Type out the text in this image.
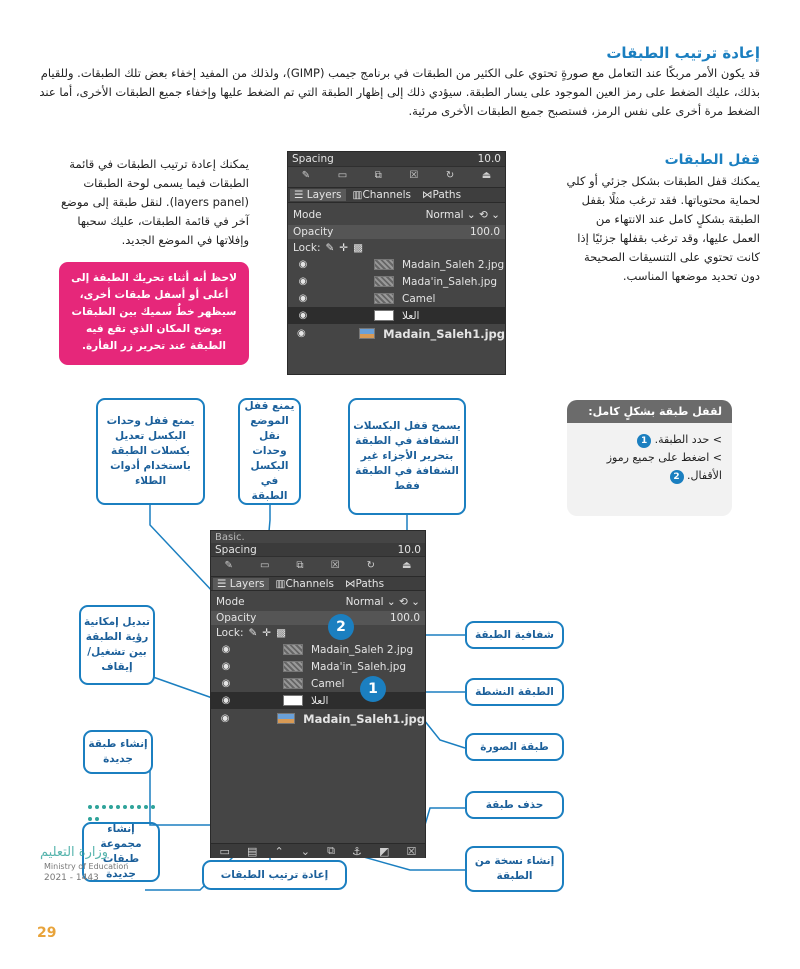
إعادة ترتيب الطبقات
قد يكون الأمر مربكًا عند التعامل مع صورةٍ تحتوي على الكثير من الطبقات في برنامج جيمب (GIMP)، ولذلك من المفيد إخفاء بعض تلك الطبقات. وللقيام بذلك، عليك الضغط على رمز العين الموجود على يسار الطبقة. سيؤدي ذلك إلى إظهار الطبقة التي تم الضغط عليها وإخفاء جميع الطبقات الأخرى، أما عند الضغط مرة أخرى على نفس الرمز، فستصبح جميع الطبقات الأخرى مرئية.
قفل الطبقات
يمكنك قفل الطبقات بشكل جزئي أو كلي لحماية محتوياتها. فقد ترغب مثلًا بقفل الطبقة بشكلٍ كامل عند الانتهاء من العمل عليها، وقد ترغب بقفلها جزئيًا إذا كانت تحتوي على التنسيقات الصحيحة دون تحديد موضعها المناسب.
يمكنك إعادة ترتيب الطبقات في قائمة الطبقات فيما يسمى لوحة الطبقات (layers panel). لنقل طبقة إلى موضع آخر في قائمة الطبقات، عليك سحبها وإفلاتها في الموضع الجديد.
لاحظ أنه أثناء تحريك الطبقة إلى أعلى أو أسفل طبقات أخرى، سيظهر خطٌ سميك بين الطبقات يوضح المكان الذي تقع فيه الطبقة عند تحرير زر الفأرة.
Spacing	10.0
✎	▭	⧉	☒	↻	⏏
☰ Layers	▥Channels	⋈Paths
Mode	Normal ⌄ ⟲ ⌄
Opacity	100.0
Lock: ✎ ✛ ▩
◉	Madain_Saleh 2.jpg
◉	Mada'in_Saleh.jpg
◉	Camel
◉	العلا
◉	Madain_Saleh1.jpg
لقفل طبقة بشكلٍ كامل:
> حدد الطبقة. 1
> اضغط على جميع رموز الأقفال. 2
يمنع قفل وحدات البكسل تعديل بكسلات الطبقة باستخدام أدوات الطلاء
يمنع قفل الموضع نقل وحدات البكسل في الطبقة
يسمح قفل البكسلات الشفافة في الطبقة بتحرير الأجزاء غير الشفافة في الطبقة فقط
تبديل إمكانية رؤية الطبقة بين تشغيل/ إيقاف
شفافية الطبقة
الطبقة النشطة
طبقة الصورة
إنشاء طبقة جديدة
حذف طبقة
إنشاء نسخة من الطبقة
إعادة ترتيب الطبقات
إنشاء مجموعة طبقات جديدة
وزارة التعليم
Ministry of Education
2021 - 1443
Basic.
Spacing	10.0
✎	▭	⧉	☒	↻	⏏
☰ Layers	▥Channels	⋈Paths
Mode	Normal ⌄ ⟲ ⌄
Opacity	100.0
Lock: ✎ ✛ ▩
◉	Madain_Saleh 2.jpg
◉	Mada'in_Saleh.jpg
◉	Camel
◉	العلا
◉	Madain_Saleh1.jpg
▭ ▤ ⌃ ⌄ ⧉ ⚓ ◩ ☒
2
1
29
